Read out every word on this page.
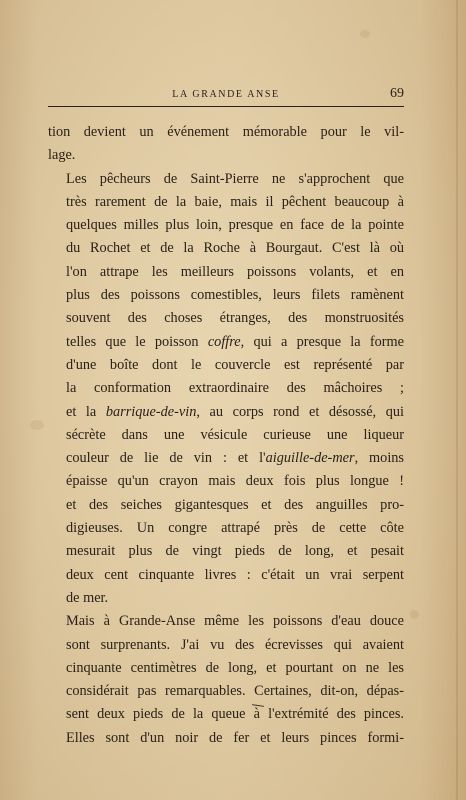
LA GRANDE ANSE	69

tion devient un événement mémorable pour le vil-
lage.

Les pêcheurs de Saint-Pierre ne s'approchent que
très rarement de la baie, mais il pêchent beaucoup à
quelques milles plus loin, presque en face de la pointe
du Rochet et de la Roche à Bourgaut. C'est là où
l'on attrape les meilleurs poissons volants, et en
plus des poissons comestibles, leurs filets ramènent
souvent des choses étranges, des monstruosités
telles que le poisson coffre, qui a presque la forme
d'une boîte dont le couvercle est représenté par
la conformation extraordinaire des mâchoires ;
et la barrique-de-vin, au corps rond et désossé, qui
sécrète dans une vésicule curieuse une liqueur
couleur de lie de vin : et l'aiguille-de-mer, moins
épaisse qu'un crayon mais deux fois plus longue !
et des seiches gigantesques et des anguilles pro-
digieuses. Un congre attrapé près de cette côte
mesurait plus de vingt pieds de long, et pesait
deux cent cinquante livres : c'était un vrai serpent
de mer.

Mais à Grande-Anse même les poissons d'eau douce
sont surprenants. J'ai vu des écrevisses qui avaient
cinquante centimètres de long, et pourtant on ne les
considérait pas remarquables. Certaines, dit-on, dépas-
sent deux pieds de la queue à l'extrémité des pinces.
Elles sont d'un noir de fer et leurs pinces formi-
